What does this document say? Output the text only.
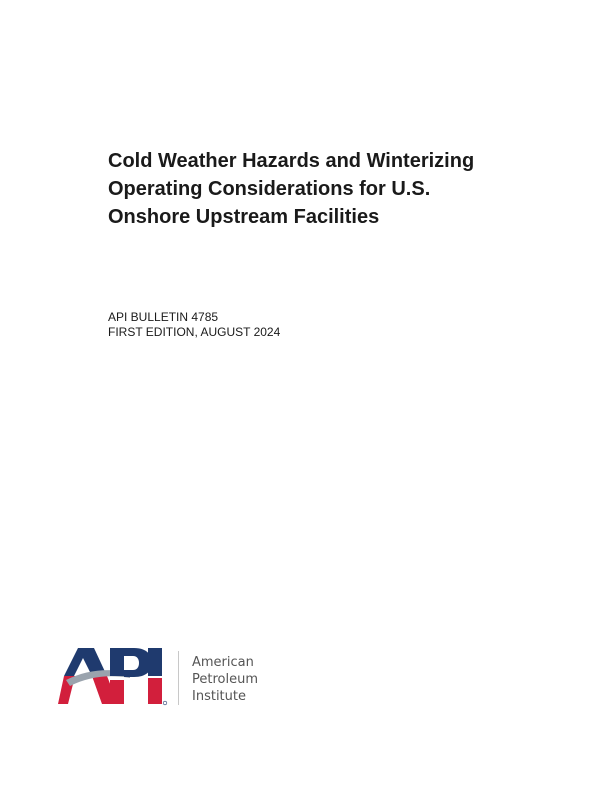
Cold Weather Hazards and Winterizing
Operating Considerations for U.S.
Onshore Upstream Facilities
API BULLETIN 4785
FIRST EDITION, AUGUST 2024
American
Petroleum
Institute
